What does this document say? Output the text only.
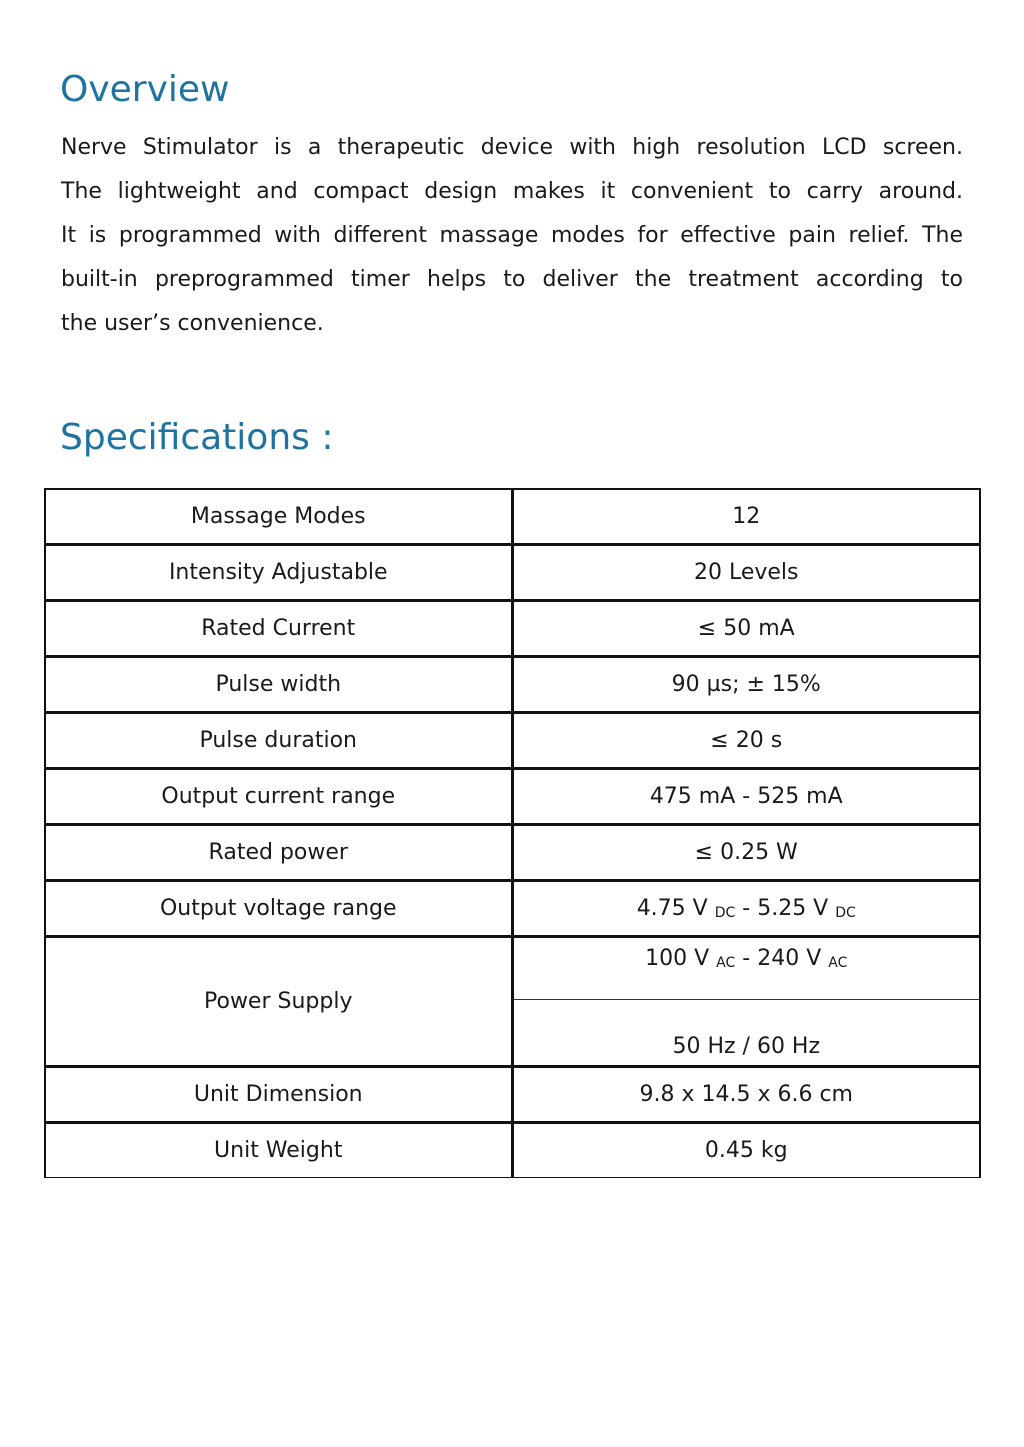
Overview
Nerve Stimulator is a therapeutic device with high resolution LCD screen.
The lightweight and compact design makes it convenient to carry around.
It is programmed with different massage modes for effective pain relief. The
built-in preprogrammed timer helps to deliver the treatment according to
the user’s convenience.
Specifications :
Massage Modes	12
Intensity Adjustable	20 Levels
Rated Current	≤ 50 mA
Pulse width	90 µs; ± 15%
Pulse duration	≤ 20 s
Output current range	475 mA - 525 mA
Rated power	≤ 0.25 W
Output voltage range	4.75 V DC - 5.25 V DC
Power Supply	100 V AC - 240 V AC
	50 Hz / 60 Hz
Unit Dimension	9.8 x 14.5 x 6.6 cm
Unit Weight	0.45 kg
